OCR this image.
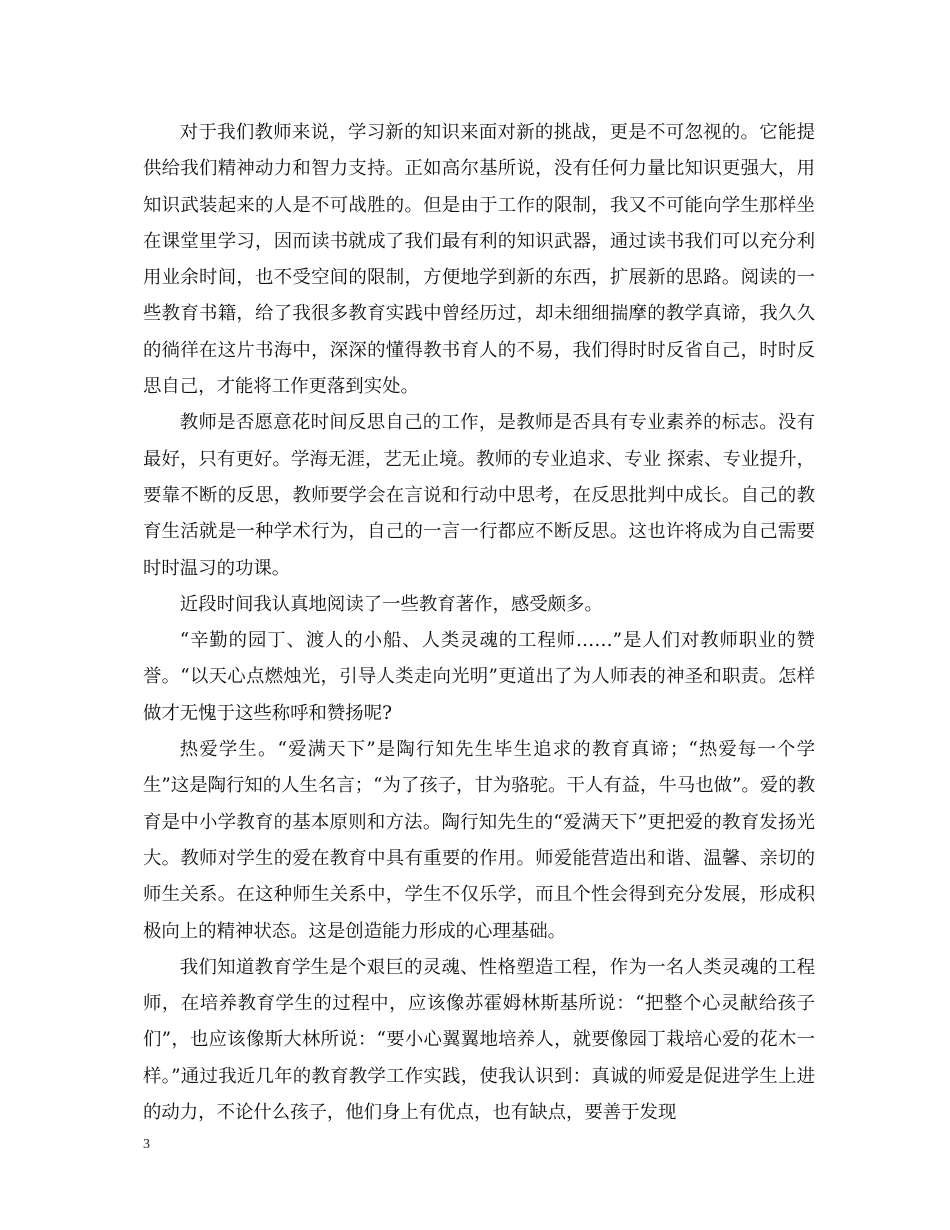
对于我们教师来说，学习新的知识来面对新的挑战，更是不可忽视的。它能提供给我们精神动力和智力支持。正如高尔基所说，没有任何力量比知识更强大，用知识武装起来的人是不可战胜的。但是由于工作的限制，我又不可能向学生那样坐在课堂里学习，因而读书就成了我们最有利的知识武器，通过读书我们可以充分利用业余时间，也不受空间的限制，方便地学到新的东西，扩展新的思路。阅读的一些教育书籍，给了我很多教育实践中曾经历过，却未细细揣摩的教学真谛，我久久的徜徉在这片书海中，深深的懂得教书育人的不易，我们得时时反省自己，时时反思自己，才能将工作更落到实处。

教师是否愿意花时间反思自己的工作，是教师是否具有专业素养的标志。没有最好，只有更好。学海无涯，艺无止境。教师的专业追求、专业 探索、专业提升，要靠不断的反思，教师要学会在言说和行动中思考，在反思批判中成长。自己的教育生活就是一种学术行为，自己的一言一行都应不断反思。这也许将成为自己需要时时温习的功课。

近段时间我认真地阅读了一些教育著作，感受颇多。

“辛勤的园丁、渡人的小船、人类灵魂的工程师……”是人们对教师职业的赞誉。“以天心点燃烛光，引导人类走向光明”更道出了为人师表的神圣和职责。怎样做才无愧于这些称呼和赞扬呢?

热爱学生。“爱满天下”是陶行知先生毕生追求的教育真谛；“热爱每一个学生”这是陶行知的人生名言；“为了孩子，甘为骆驼。干人有益，牛马也做”。爱的教育是中小学教育的基本原则和方法。陶行知先生的“爱满天下”更把爱的教育发扬光大。教师对学生的爱在教育中具有重要的作用。师爱能营造出和谐、温馨、亲切的师生关系。在这种师生关系中，学生不仅乐学，而且个性会得到充分发展，形成积极向上的精神状态。这是创造能力形成的心理基础。

我们知道教育学生是个艰巨的灵魂、性格塑造工程，作为一名人类灵魂的工程师，在培养教育学生的过程中，应该像苏霍姆林斯基所说：“把整个心灵献给孩子们”，也应该像斯大林所说：“要小心翼翼地培养人，就要像园丁栽培心爱的花木一样。”通过我近几年的教育教学工作实践，使我认识到：真诚的师爱是促进学生上进的动力，不论什么孩子，他们身上有优点，也有缺点，要善于发现

3
